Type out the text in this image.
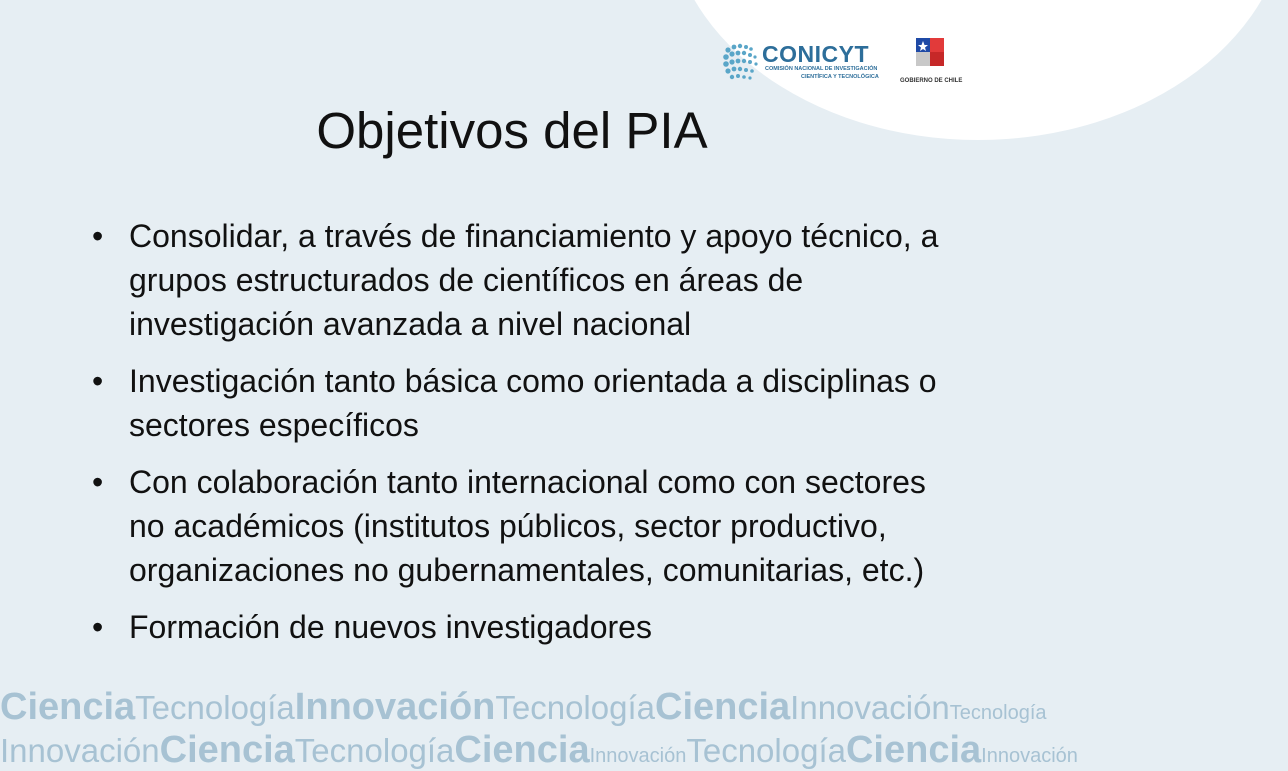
CONICYT
COMISIÓN NACIONAL DE INVESTIGACIÓN
CIENTÍFICA Y TECNOLÓGICA
GOBIERNO DE CHILE
Objetivos del PIA
• Consolidar, a través de financiamiento y apoyo técnico, a grupos estructurados de científicos en áreas de investigación avanzada a nivel nacional
• Investigación tanto básica como orientada a disciplinas o sectores específicos
• Con colaboración tanto internacional como con sectores no académicos (institutos públicos, sector productivo, organizaciones no gubernamentales, comunitarias, etc.)
• Formación de nuevos investigadores
CienciaTecnologíaInnovaciónTecnologíaCienciaInnovaciónTecnología
InnovaciónCienciaTecnologíaCienciaInnovaciónTecnologíaCienciaInnovación
